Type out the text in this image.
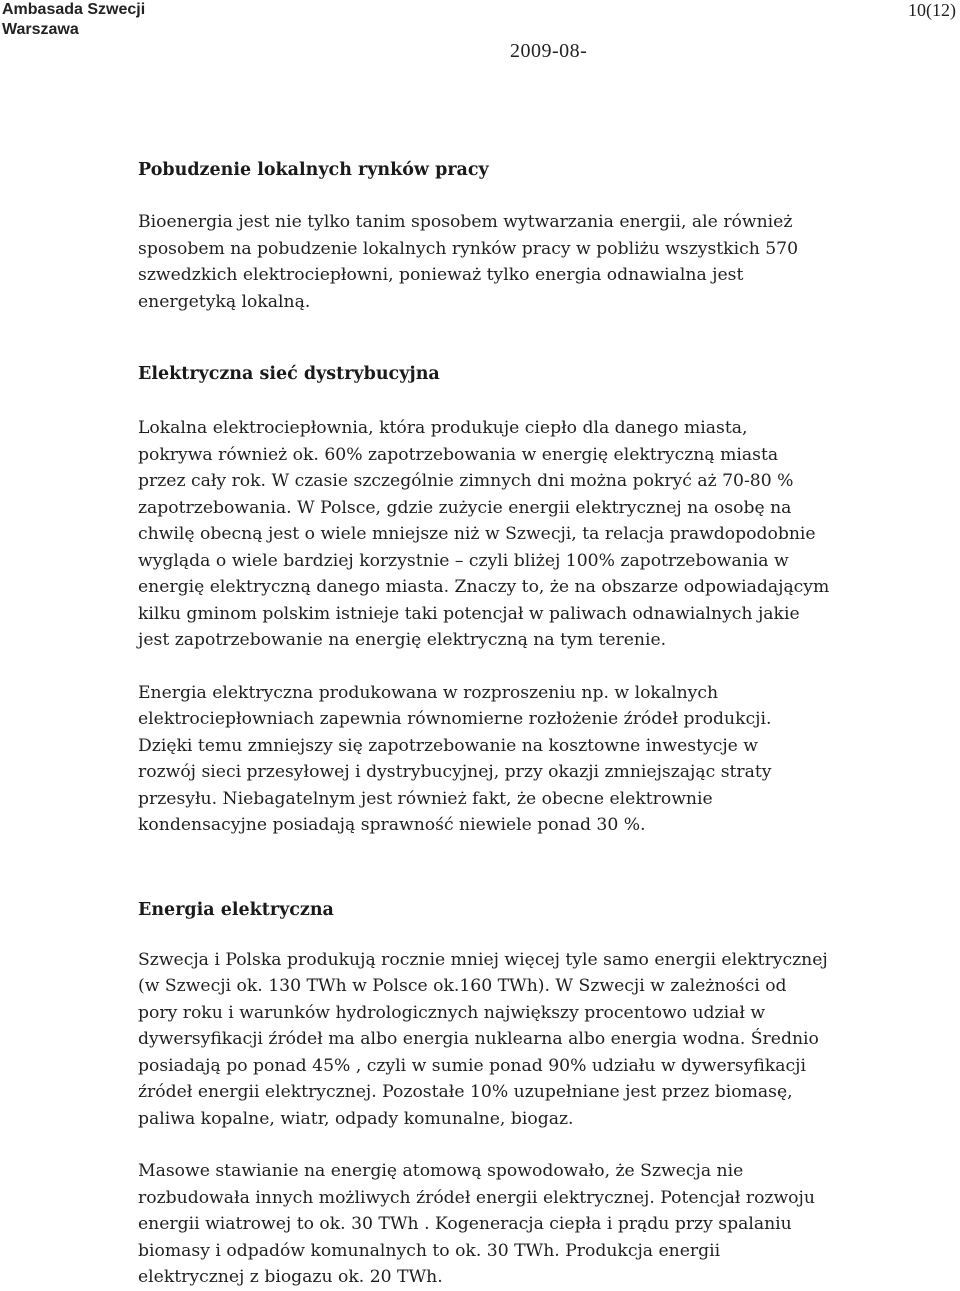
Ambasada Szwecji
Warszawa
10(12)
2009-08-
Pobudzenie lokalnych rynków pracy

Bioenergia jest nie tylko tanim sposobem wytwarzania energii, ale również
sposobem na pobudzenie lokalnych rynków pracy w pobliżu wszystkich 570
szwedzkich elektrociepłowni, ponieważ tylko energia odnawialna jest
energetyką lokalną.

Elektryczna sieć dystrybucyjna

Lokalna elektrociepłownia, która produkuje ciepło dla danego miasta,
pokrywa również ok. 60% zapotrzebowania w energię elektryczną miasta
przez cały rok. W czasie szczególnie zimnych dni można pokryć aż 70-80 %
zapotrzebowania. W Polsce, gdzie zużycie energii elektrycznej na osobę na
chwilę obecną jest o wiele mniejsze niż w Szwecji, ta relacja prawdopodobnie
wygląda o wiele bardziej korzystnie – czyli bliżej 100% zapotrzebowania w
energię elektryczną danego miasta. Znaczy to, że na obszarze odpowiadającym
kilku gminom polskim istnieje taki potencjał w paliwach odnawialnych jakie
jest zapotrzebowanie na energię elektryczną na tym terenie.

Energia elektryczna produkowana w rozproszeniu np. w lokalnych
elektrociepłowniach zapewnia równomierne rozłożenie źródeł produkcji.
Dzięki temu zmniejszy się zapotrzebowanie na kosztowne inwestycje w
rozwój sieci przesyłowej i dystrybucyjnej, przy okazji zmniejszając straty
przesyłu. Niebagatelnym jest również fakt, że obecne elektrownie
kondensacyjne posiadają sprawność niewiele ponad 30 %.

Energia elektryczna

Szwecja i Polska produkują rocznie mniej więcej tyle samo energii elektrycznej
(w Szwecji ok. 130 TWh w Polsce ok.160 TWh). W Szwecji w zależności od
pory roku i warunków hydrologicznych największy procentowo udział w
dywersyfikacji źródeł ma albo energia nuklearna albo energia wodna. Średnio
posiadają po ponad 45% , czyli w sumie ponad 90% udziału w dywersyfikacji
źródeł energii elektrycznej. Pozostałe 10% uzupełniane jest przez biomasę,
paliwa kopalne, wiatr, odpady komunalne, biogaz.

Masowe stawianie na energię atomową spowodowało, że Szwecja nie
rozbudowała innych możliwych źródeł energii elektrycznej. Potencjał rozwoju
energii wiatrowej to ok. 30 TWh . Kogeneracja ciepła i prądu przy spalaniu
biomasy i odpadów komunalnych to ok. 30 TWh. Produkcja energii
elektrycznej z biogazu ok. 20 TWh.
